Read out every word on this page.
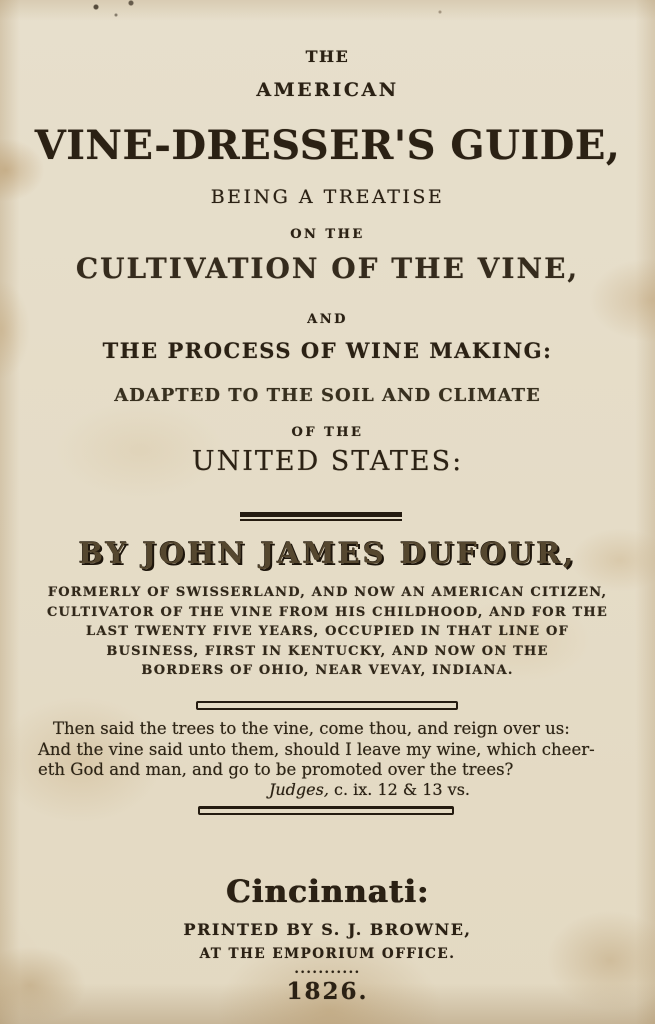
THE
AMERICAN
VINE-DRESSER'S GUIDE,
BEING A TREATISE
ON THE
CULTIVATION OF THE VINE,
AND
THE PROCESS OF WINE MAKING:
ADAPTED TO THE SOIL AND CLIMATE
OF THE
UNITED STATES:
BY JOHN JAMES DUFOUR,
FORMERLY OF SWISSERLAND, AND NOW AN AMERICAN CITIZEN,
CULTIVATOR OF THE VINE FROM HIS CHILDHOOD, AND FOR THE
LAST TWENTY FIVE YEARS, OCCUPIED IN THAT LINE OF
BUSINESS, FIRST IN KENTUCKY, AND NOW ON THE
BORDERS OF OHIO, NEAR VEVAY, INDIANA.
Then said the trees to the vine, come thou, and reign over us:
And the vine said unto them, should I leave my wine, which cheer-
eth God and man, and go to be promoted over the trees?
Judges, c. ix. 12 & 13 vs.
Cincinnati:
PRINTED BY S. J. BROWNE,
AT THE EMPORIUM OFFICE.
...........
1826.
